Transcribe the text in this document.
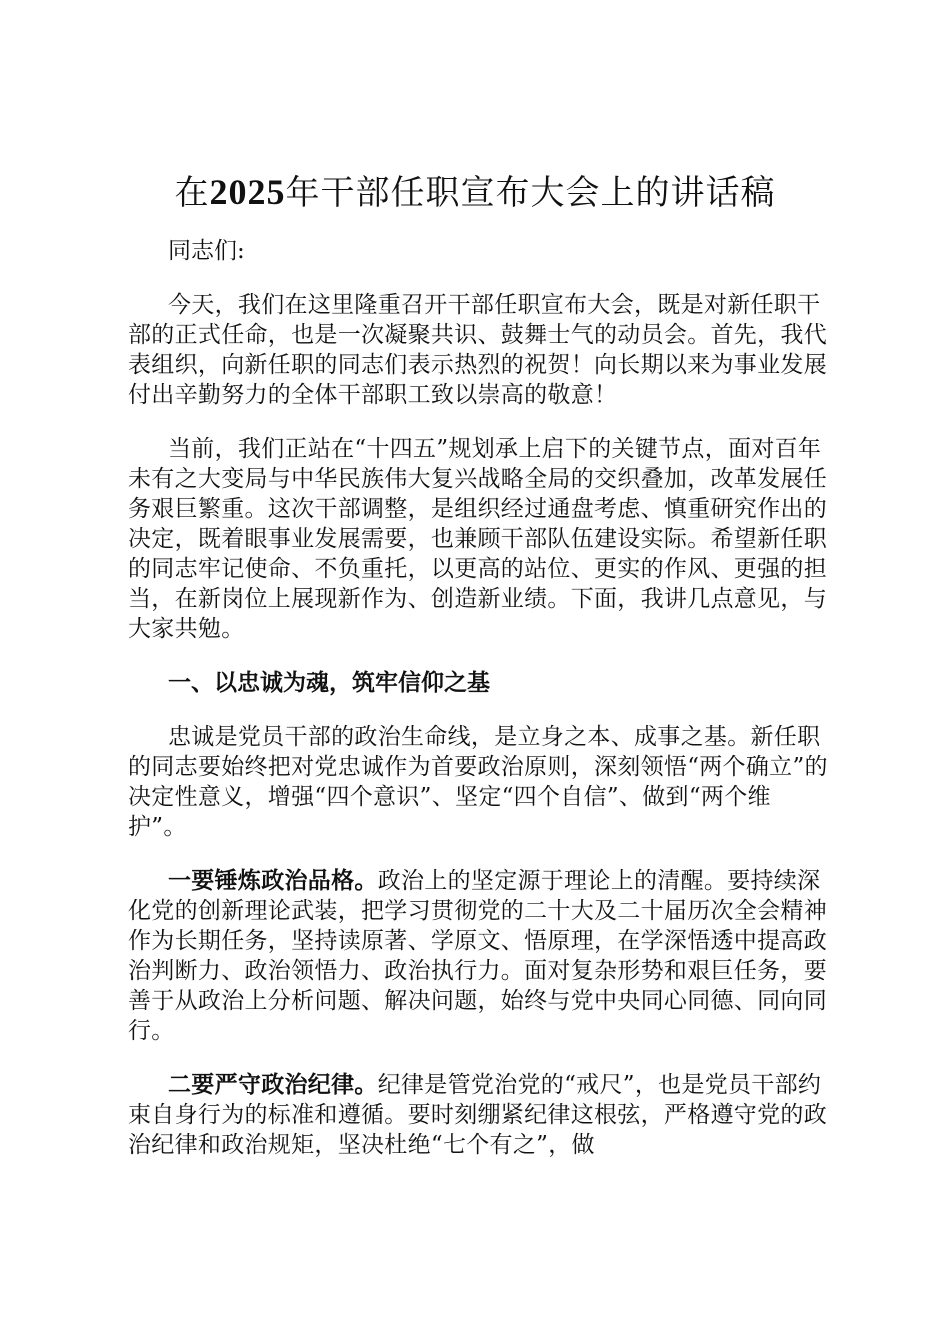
在2025年干部任职宣布大会上的讲话稿

同志们:

今天，我们在这里隆重召开干部任职宣布大会，既是对新任职干部的正式任命，也是一次凝聚共识、鼓舞士气的动员会。首先，我代表组织，向新任职的同志们表示热烈的祝贺！向长期以来为事业发展付出辛勤努力的全体干部职工致以崇高的敬意！

当前，我们正站在“十四五”规划承上启下的关键节点，面对百年未有之大变局与中华民族伟大复兴战略全局的交织叠加，改革发展任务艰巨繁重。这次干部调整，是组织经过通盘考虑、慎重研究作出的决定，既着眼事业发展需要，也兼顾干部队伍建设实际。希望新任职的同志牢记使命、不负重托，以更高的站位、更实的作风、更强的担当，在新岗位上展现新作为、创造新业绩。下面，我讲几点意见，与大家共勉。

一、以忠诚为魂，筑牢信仰之基

忠诚是党员干部的政治生命线，是立身之本、成事之基。新任职的同志要始终把对党忠诚作为首要政治原则，深刻领悟“两个确立”的决定性意义，增强“四个意识”、坚定“四个自信”、做到“两个维护”。

一要锤炼政治品格。政治上的坚定源于理论上的清醒。要持续深化党的创新理论武装，把学习贯彻党的二十大及二十届历次全会精神作为长期任务，坚持读原著、学原文、悟原理，在学深悟透中提高政治判断力、政治领悟力、政治执行力。面对复杂形势和艰巨任务，要善于从政治上分析问题、解决问题，始终与党中央同心同德、同向同行。

二要严守政治纪律。纪律是管党治党的“戒尺”，也是党员干部约束自身行为的标准和遵循。要时刻绷紧纪律这根弦，严格遵守党的政治纪律和政治规矩，坚决杜绝“七个有之”，做
